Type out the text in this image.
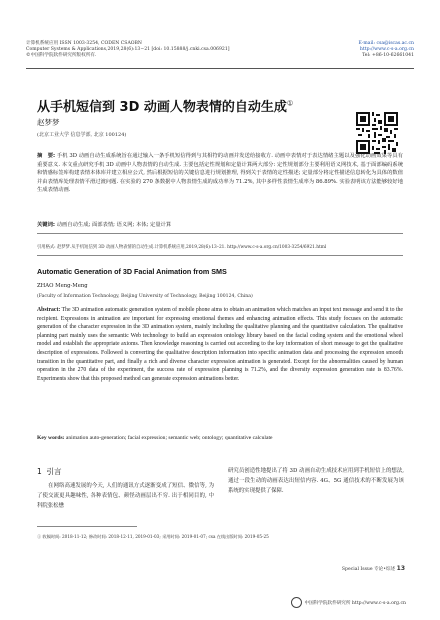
计算机系统应用 ISSN 1003-3254, CODEN CSAOBN
Computer Systems & Applications,2019,28(6):13−21 [doi: 10.15888/j.cnki.csa.006921]
©中国科学院软件研究所版权所有.
E-mail: csa@iscas.ac.cn
http://www.c-s-a.org.cn
Tel: +86-10-62661041
从手机短信到 3D 动画人物表情的自动生成①
赵梦梦
(北京工业大学 信息学部, 北京 100124)
摘　要: 手机 3D 动画自动生成系统旨在通过输入一条手机短信得到与其相符的动画并发送给接收方. 动画中表情对于表达情绪主题以及强化动画效果等具有重要意义. 本文重点研究手机 3D 动画中人物表情的自动生成. 主要包括定性规划和定量计算两大部分: 定性规划部分主要利用语义网技术, 基于面部编码系统和情感标签库构建表情本体库并建立相应公式, 然后根据短信的关键信息进行规划推理, 得到关于表情的定性描述; 定量部分将定性描述信息转化为具体的数值并由表情库处理表情平滑过渡问题. 在实验的 270 条数据中人物表情生成的成功率为 71.2%, 其中多样性表情生成率为 86.89%. 实验表明该方法能够较好地生成表情动画.
关键词: 动画自动生成; 面部表情; 语义网; 本体; 定量计算
引用格式: 赵梦梦.从手机短信到 3D 动画人物表情的自动生成.计算机系统应用,2019,28(6):13–21. http://www.c-s-a.org.cn/1003-3254/6921.html
Automatic Generation of 3D Facial Animation from SMS
ZHAO Meng-Meng
(Faculty of Information Technology, Beijing University of Technology, Beijing 100124, China)
Abstract: The 3D animation automatic generation system of mobile phone aims to obtain an animation which matches an input text message and send it to the recipient. Expressions in animation are important for expressing emotional themes and enhancing animation effects. This study focuses on the automatic generation of the character expression in the 3D animation system, mainly including the qualitative planning and the quantitative calculation. The qualitative planning part mainly uses the semantic Web technology to build an expression ontology library based on the facial coding system and the emotional wheel model and establish the appropriate axioms. Then knowledge reasoning is carried out according to the key information of short message to get the qualitative description of expressions. Followed is converting the qualitative description information into specific animation data and processing the expression smooth transition in the quantitative part, and finally a rich and diverse character expression animation is generated. Except for the abnormalities caused by human operation in the 270 data of the experiment, the success rate of expression planning is 71.2%, and the diversity expression generation rate is 83.76%. Experiments show that this proposed method can generate expression animations better.
Key words: animation auto-generation; facial expression; semantic web; ontology; quantitative calculate
1 引言
在网络高速发展的今天, 人们的通讯方式逐渐变成了短信、微信等, 为了使交流更具趣味性, 各种表情包、颜怪动画层出不穷. 出于相同目的, 中科院张松懋
研究员创造性地提出了将 3D 动画自动生成技术应用到手机短信上的想法, 通过一段生动的动画表达出短信内容. 4G、5G 通信技术的不断发展为该系统的实现提供了保障.
① 收稿时间: 2018-11-12; 修改时间: 2018-12-11, 2019-01-03; 采用时间: 2019-01-07; csa 在线出版时间: 2019-05-25
Special Issue 专论•综述 13
中国科学院软件研究所 http://www.c-s-a.org.cn
